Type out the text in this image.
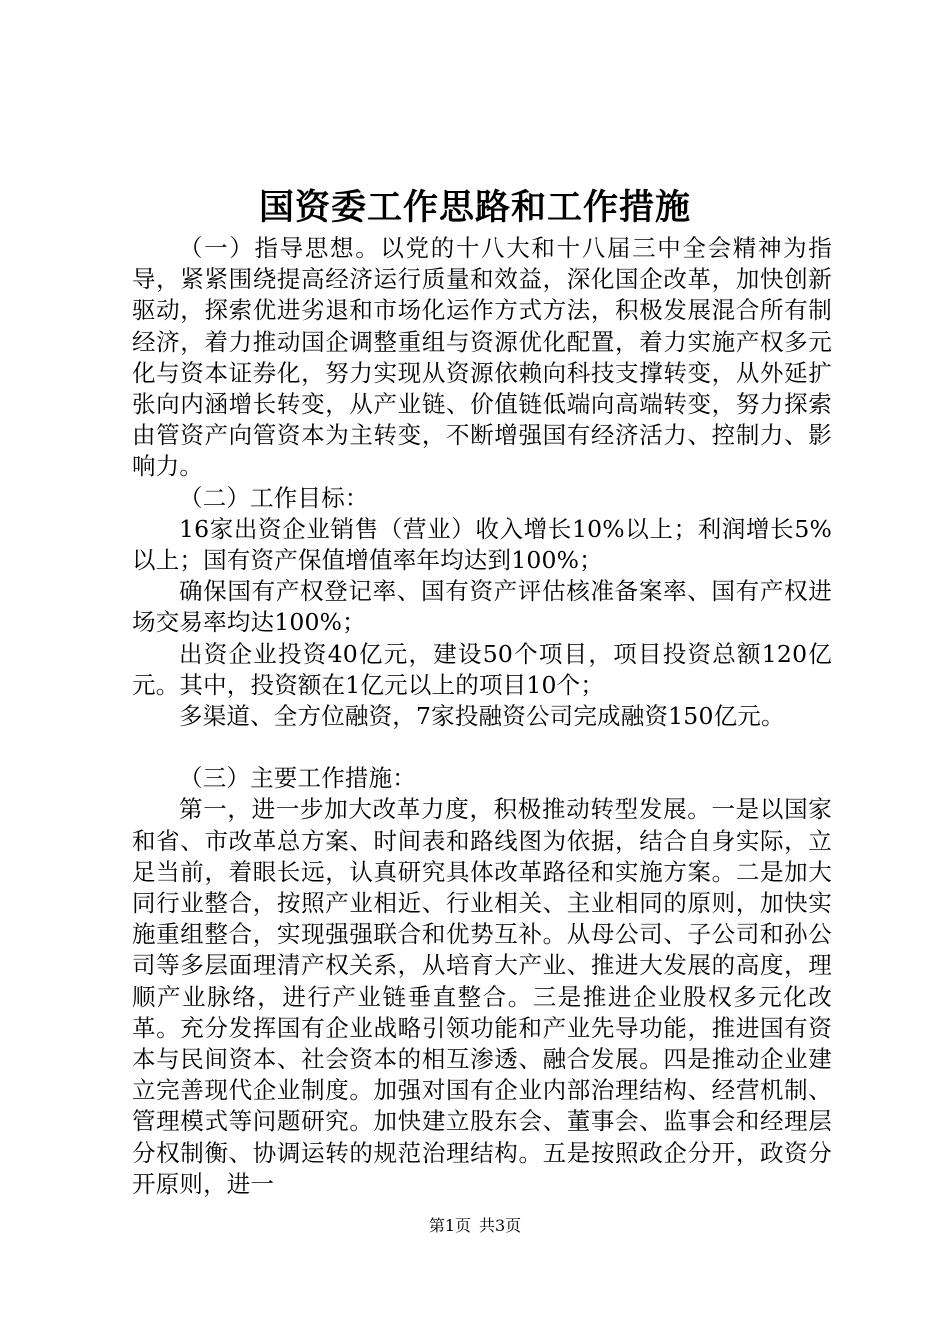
国资委工作思路和工作措施

（一）指导思想。以党的十八大和十八届三中全会精神为指导，紧紧围绕提高经济运行质量和效益，深化国企改革，加快创新驱动，探索优进劣退和市场化运作方式方法，积极发展混合所有制经济，着力推动国企调整重组与资源优化配置，着力实施产权多元化与资本证券化，努力实现从资源依赖向科技支撑转变，从外延扩张向内涵增长转变，从产业链、价值链低端向高端转变，努力探索由管资产向管资本为主转变，不断增强国有经济活力、控制力、影响力。

（二）工作目标：

16家出资企业销售（营业）收入增长10%以上；利润增长5%以上；国有资产保值增值率年均达到100%；

确保国有产权登记率、国有资产评估核准备案率、国有产权进场交易率均达100%；

出资企业投资40亿元，建设50个项目，项目投资总额120亿元。其中，投资额在1亿元以上的项目10个；

多渠道、全方位融资，7家投融资公司完成融资150亿元。

（三）主要工作措施：

第一，进一步加大改革力度，积极推动转型发展。一是以国家和省、市改革总方案、时间表和路线图为依据，结合自身实际，立足当前，着眼长远，认真研究具体改革路径和实施方案。二是加大同行业整合，按照产业相近、行业相关、主业相同的原则，加快实施重组整合，实现强强联合和优势互补。从母公司、子公司和孙公司等多层面理清产权关系，从培育大产业、推进大发展的高度，理顺产业脉络，进行产业链垂直整合。三是推进企业股权多元化改革。充分发挥国有企业战略引领功能和产业先导功能，推进国有资本与民间资本、社会资本的相互渗透、融合发展。四是推动企业建立完善现代企业制度。加强对国有企业内部治理结构、经营机制、管理模式等问题研究。加快建立股东会、董事会、监事会和经理层分权制衡、协调运转的规范治理结构。五是按照政企分开，政资分开原则，进一

第1页 共3页
